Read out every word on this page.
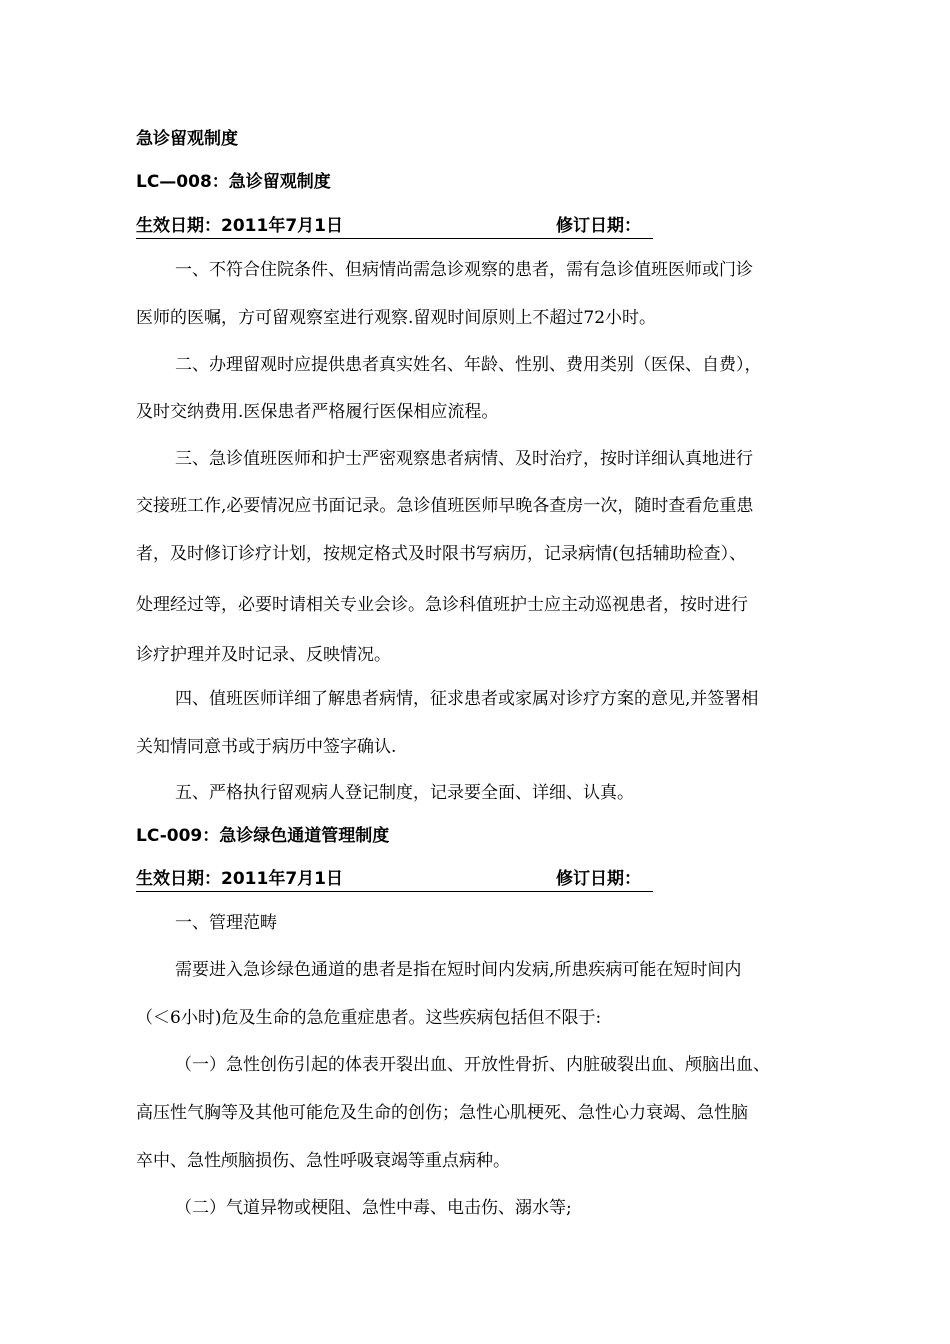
急诊留观制度
LC—008：急诊留观制度
生效日期：2011年7月1日	修订日期：
一、不符合住院条件、但病情尚需急诊观察的患者，需有急诊值班医师或门诊
医师的医嘱，方可留观察室进行观察.留观时间原则上不超过72小时。
二、办理留观时应提供患者真实姓名、年龄、性别、费用类别（医保、自费），
及时交纳费用.医保患者严格履行医保相应流程。
三、急诊值班医师和护士严密观察患者病情、及时治疗，按时详细认真地进行
交接班工作,必要情况应书面记录。急诊值班医师早晚各查房一次，随时查看危重患
者，及时修订诊疗计划，按规定格式及时限书写病历，记录病情(包括辅助检查）、
处理经过等，必要时请相关专业会诊。急诊科值班护士应主动巡视患者，按时进行
诊疗护理并及时记录、反映情况。
四、值班医师详细了解患者病情，征求患者或家属对诊疗方案的意见,并签署相
关知情同意书或于病历中签字确认.
五、严格执行留观病人登记制度，记录要全面、详细、认真。
LC-009：急诊绿色通道管理制度
生效日期：2011年7月1日	修订日期：
一、管理范畴
需要进入急诊绿色通道的患者是指在短时间内发病,所患疾病可能在短时间内
（＜6小时)危及生命的急危重症患者。这些疾病包括但不限于:
（一）急性创伤引起的体表开裂出血、开放性骨折、内脏破裂出血、颅脑出血、
高压性气胸等及其他可能危及生命的创伤；急性心肌梗死、急性心力衰竭、急性脑
卒中、急性颅脑损伤、急性呼吸衰竭等重点病种。
（二）气道异物或梗阻、急性中毒、电击伤、溺水等;
